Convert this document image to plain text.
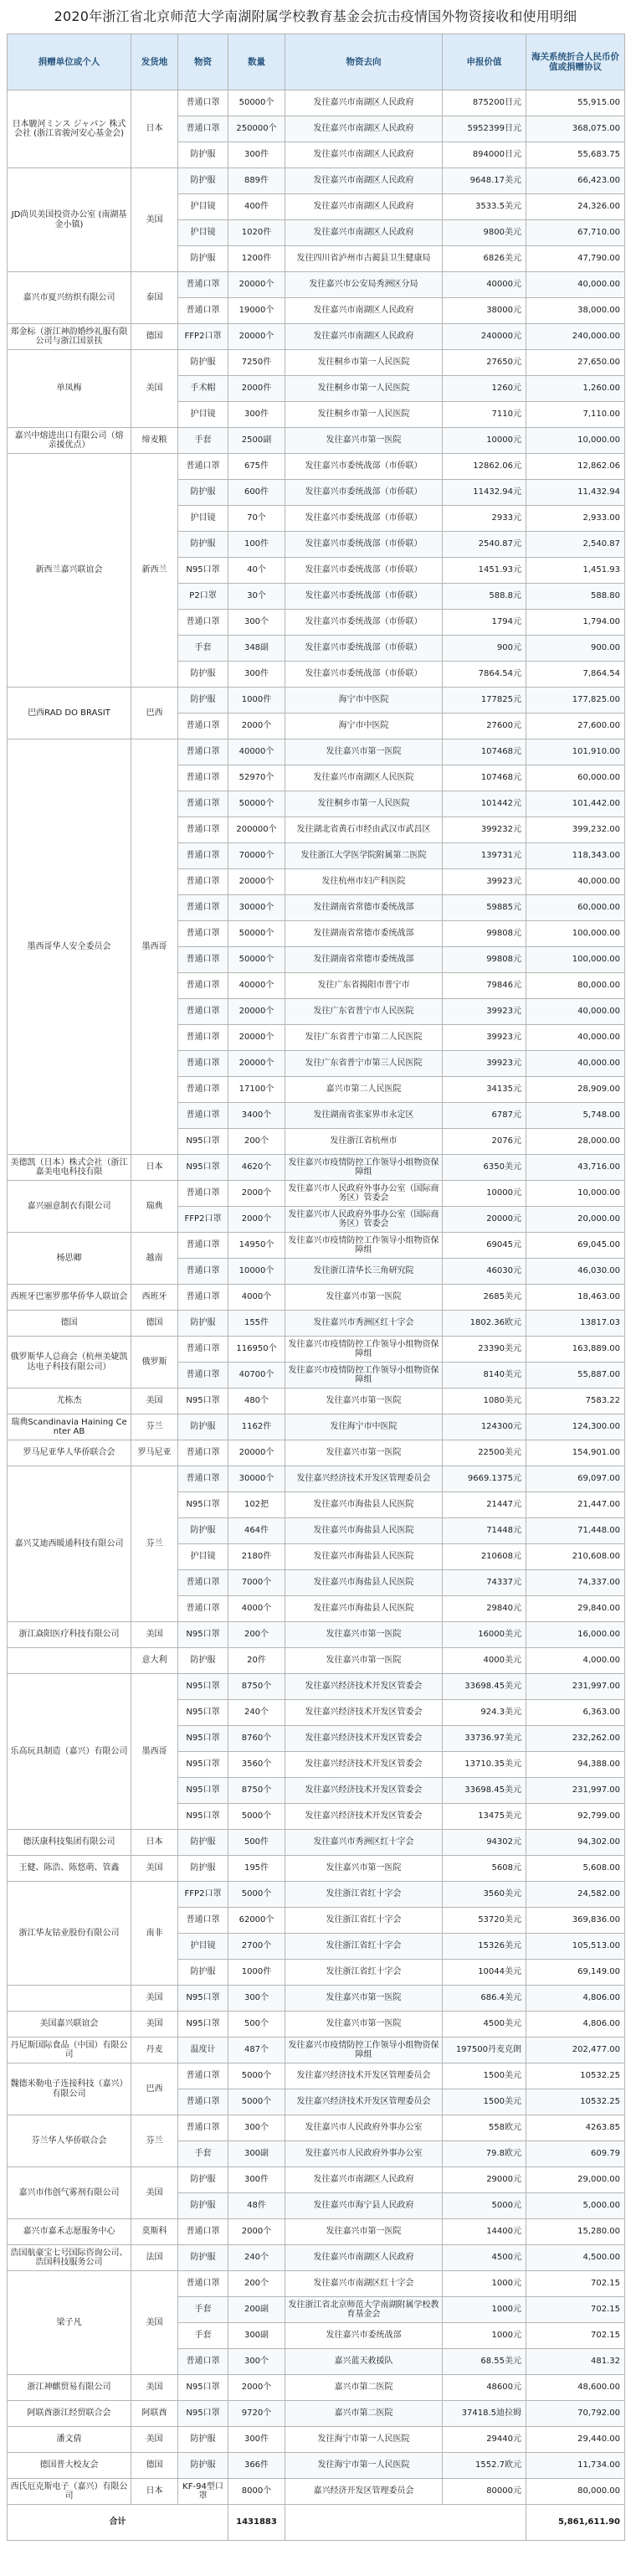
2020年浙江省北京师范大学南湖附属学校教育基金会抗击疫情国外物资接收和使用明细
捐赠单位或个人	发货地	物资	数量	物资去向	申报价值	海关系统折合人民币价值或捐赠协议
日本駿河ミンス ジャパン 株式会社 (浙江省骏河安心基金会)	日本	普通口罩	50000个	发往嘉兴市南湖区人民政府	875200日元	55,915.00
		普通口罩	250000个	发往嘉兴市南湖区人民政府	5952399日元	368,075.00
		防护服	300件	发往嘉兴市南湖区人民政府	894000日元	55,683.75
JD尚贝美国投资办公室 (南湖基金小镇)	美国	防护服	889件	发往嘉兴市南湖区人民政府	9648.17美元	66,423.00
		护目镜	400件	发往嘉兴市南湖区人民政府	3533.5美元	24,326.00
		护目镜	1020件	发往嘉兴市南湖区人民政府	9800美元	67,710.00
		防护服	1200件	发往四川省泸州市古蔺县卫生健康局	6826美元	47,790.00
嘉兴市夏兴纺织有限公司	泰国	普通口罩	20000个	发往嘉兴市公安局秀洲区分局	40000元	40,000.00
		普通口罩	19000个	发往嘉兴市南湖区人民政府	38000元	38,000.00
郑金标（浙江神韵婚纱礼服有限公司与浙江国景扶	德国	FFP2口罩	20000个	发往嘉兴市南湖区人民政府	240000元	240,000.00
单凤梅	美国	防护服	7250件	发往桐乡市第一人民医院	27650元	27,650.00
		手术帽	2000件	发往桐乡市第一人民医院	1260元	1,260.00
		护目镜	300件	发往桐乡市第一人民医院	7110元	7,110.00
嘉兴中熔进出口有限公司（熔 亲援优点）	缔麦粮	手套	2500副	发往嘉兴市第一医院	10000元	10,000.00
新西兰嘉兴联谊会	新西兰	普通口罩	675件	发往嘉兴市委统战部（市侨联）	12862.06元	12,862.06
		防护服	600件	发往嘉兴市委统战部（市侨联）	11432.94元	11,432.94
		护目镜	70个	发往嘉兴市委统战部（市侨联）	2933元	2,933.00
		防护服	100件	发往嘉兴市委统战部（市侨联）	2540.87元	2,540.87
		N95口罩	40个	发往嘉兴市委统战部（市侨联）	1451.93元	1,451.93
		P2口罩	30个	发往嘉兴市委统战部（市侨联）	588.8元	588.80
		普通口罩	300个	发往嘉兴市委统战部（市侨联）	1794元	1,794.00
		手套	348副	发往嘉兴市委统战部（市侨联）	900元	900.00
		防护服	300件	发往嘉兴市委统战部（市侨联）	7864.54元	7,864.54
巴西RAD DO BRASIT	巴西	防护服	1000件	海宁市中医院	177825元	177,825.00
		普通口罩	2000个	海宁市中医院	27600元	27,600.00
墨西哥华人安全委员会	墨西哥	普通口罩	40000个	发往嘉兴市第一医院	107468元	101,910.00
		普通口罩	52970个	发往嘉兴市南湖区人民医院	107468元	60,000.00
		普通口罩	50000个	发往桐乡市第一人民医院	101442元	101,442.00
		普通口罩	200000个	发往湖北省黄石市经由武汉市武昌区	399232元	399,232.00
		普通口罩	70000个	发往浙江大学医学院附属第二医院	139731元	118,343.00
		普通口罩	20000个	发往杭州市妇产科医院	39923元	40,000.00
		普通口罩	30000个	发往湖南省常德市委统战部	59885元	60,000.00
		普通口罩	50000个	发往湖南省常德市委统战部	99808元	100,000.00
		普通口罩	50000个	发往湖南省常德市委统战部	99808元	100,000.00
		普通口罩	40000个	发往广东省揭阳市普宁市	79846元	80,000.00
		普通口罩	20000个	发往广东省普宁市人民医院	39923元	40,000.00
		普通口罩	20000个	发往广东省普宁市第二人民医院	39923元	40,000.00
		普通口罩	20000个	发往广东省普宁市第三人民医院	39923元	40,000.00
		普通口罩	17100个	嘉兴市第二人民医院	34135元	28,909.00
		普通口罩	3400个	发往湖南省张家界市永定区	6787元	5,748.00
		N95口罩	200个	发往浙江省杭州市	2076元	28,000.00
美德凯（日本）株式会社（浙江嘉美电电科技有限	日本	N95口罩	4620个	发往嘉兴市疫情防控工作领导小组物资保障组	6350美元	43,716.00
嘉兴丽意制衣有限公司	瑞典	普通口罩	2000个	发往嘉兴市人民政府外事办公室（国际商务区）管委会	10000元	10,000.00
		FFP2口罩	2000个	发往嘉兴市人民政府外事办公室（国际商务区）管委会	20000元	20,000.00
杨思卿	越南	普通口罩	14950个	发往嘉兴市疫情防控工作领导小组物资保障组	69045元	69,045.00
		普通口罩	10000个	发往浙江清华长三角研究院	46030元	46,030.00
西班牙巴塞罗那华侨华人联谊会	西班牙	普通口罩	4000个	发往嘉兴市第一医院	2685美元	18,463.00
德国	德国	防护服	155件	发往嘉兴市秀洲区红十字会	1802.36欧元	13817.03
俄罗斯华人总商会（杭州美婕凯达电子科技有限公司）	俄罗斯	普通口罩	116950个	发往嘉兴市疫情防控工作领导小组物资保障组	23390美元	163,889.00
		普通口罩	40700个	发往嘉兴市疫情防控工作领导小组物资保障组	8140美元	55,887.00
尤栋杰	美国	N95口罩	480个	发往嘉兴市第一医院	1080美元	7583.22
瑞典Scandinavia Haining Center AB	芬兰	防护服	1162件	发往海宁市中医院	124300元	124,300.00
罗马尼亚华人华侨联合会	罗马尼亚	普通口罩	20000个	发往嘉兴市第一医院	22500美元	154,901.00
嘉兴艾迪西暖通科技有限公司	芬兰	普通口罩	30000个	发往嘉兴经济技术开发区管理委员会	9669.1375元	69,097.00
		N95口罩	102把	发往嘉兴市海盐县人民医院	21447元	21,447.00
		防护服	464件	发往嘉兴市海盐县人民医院	71448元	71,448.00
		护目镜	2180件	发往嘉兴市海盐县人民医院	210608元	210,608.00
		普通口罩	7000个	发往嘉兴市海盐县人民医院	74337元	74,337.00
		普通口罩	4000个	发往嘉兴市海盐县人民医院	29840元	29,840.00
浙江焱阳医疗科技有限公司	美国	N95口罩	200个	发往嘉兴市第一医院	16000美元	16,000.00
	意大利	防护服	20件	发往嘉兴市第一医院	4000美元	4,000.00
乐高玩具制造（嘉兴）有限公司	墨西哥	N95口罩	8750个	发往嘉兴经济技术开发区管委会	33698.45美元	231,997.00
		N95口罩	240个	发往嘉兴经济技术开发区管委会	924.3美元	6,363.00
		N95口罩	8760个	发往嘉兴经济技术开发区管委会	33736.97美元	232,262.00
		N95口罩	3560个	发往嘉兴经济技术开发区管委会	13710.35美元	94,388.00
		N95口罩	8750个	发往嘉兴经济技术开发区管委会	33698.45美元	231,997.00
		N95口罩	5000个	发往嘉兴经济技术开发区管委会	13475美元	92,799.00
德沃康科技集团有限公司	日本	防护服	500件	发往嘉兴市秀洲区红十字会	94302元	94,302.00
王健、陈浩、陈悠萌、管鑫	美国	防护服	195件	发往嘉兴市第一医院	5608元	5,608.00
浙江华友钴业股份有限公司	南非	FFP2口罩	5000个	发往浙江省红十字会	3560美元	24,582.00
		普通口罩	62000个	发往浙江省红十字会	53720美元	369,836.00
		护目镜	2700个	发往浙江省红十字会	15326美元	105,513.00
		防护服	1000件	发往浙江省红十字会	10044美元	69,149.00
	美国	N95口罩	300个	发往嘉兴市第一医院	686.4美元	4,806.00
美国嘉兴联谊会	美国	N95口罩	500个	发往嘉兴市第一医院	4500美元	4,806.00
丹尼斯国际食品（中国）有限公司	丹麦	温度计	487个	发往嘉兴市疫情防控工作领导小组物资保障组	197500丹麦克朗	202,477.00
魏德米勒电子连接科技（嘉兴）有限公司	巴西	普通口罩	5000个	发往嘉兴经济技术开发区管理委员会	1500美元	10532.25
		普通口罩	5000个	发往嘉兴经济技术开发区管理委员会	1500美元	10532.25
芬兰华人华侨联合会	芬兰	普通口罩	300个	发往嘉兴市人民政府外事办公室	558欧元	4263.85
		手套	300副	发往嘉兴市人民政府外事办公室	79.8欧元	609.79
嘉兴市伟创气雾剂有限公司	美国	防护服	300件	发往嘉兴市南湖区人民政府	29000元	29,000.00
		防护服	48件	发往嘉兴市海宁县人民政府	5000元	5,000.00
嘉兴市嘉禾志愿服务中心	莫斯科	普通口罩	2000个	发往嘉兴市第一医院	14400元	15,280.00
浩国航豪宝七号国际咨询公司、浩国科技服务公司	法国	防护服	240个	发往嘉兴市南湖区人民政府	4500元	4,500.00
梁子凡	美国	普通口罩	200个	发往嘉兴市南湖区红十字会	1000元	702.15
		手套	200副	发往浙江省北京师范大学南湖附属学校教育基金会	1000元	702.15
		手套	300副	发往嘉兴市委统战部	1000元	702.15
		普通口罩	300个	嘉兴蓝天救援队	68.55美元	481.32
浙江神麒贸易有限公司	美国	N95口罩	2000个	嘉兴市第二医院	48600元	48,600.00
阿联酋浙江经贸联合会	阿联酋	N95口罩	9720个	嘉兴市第二医院	37418.5迪拉姆	70,792.00
潘文倩	美国	防护服	300件	发往海宁市第一人民医院	29440元	29,440.00
德国普大校友会	德国	防护服	366件	发往海宁市第一人民医院	1552.7欧元	11,734.00
西氏厄克斯电子（嘉兴）有限公司	日本	KF-94型口罩	8000个	嘉兴经济开发区管理委员会	80000元	80,000.00
合计			1431883			5,861,611.90
